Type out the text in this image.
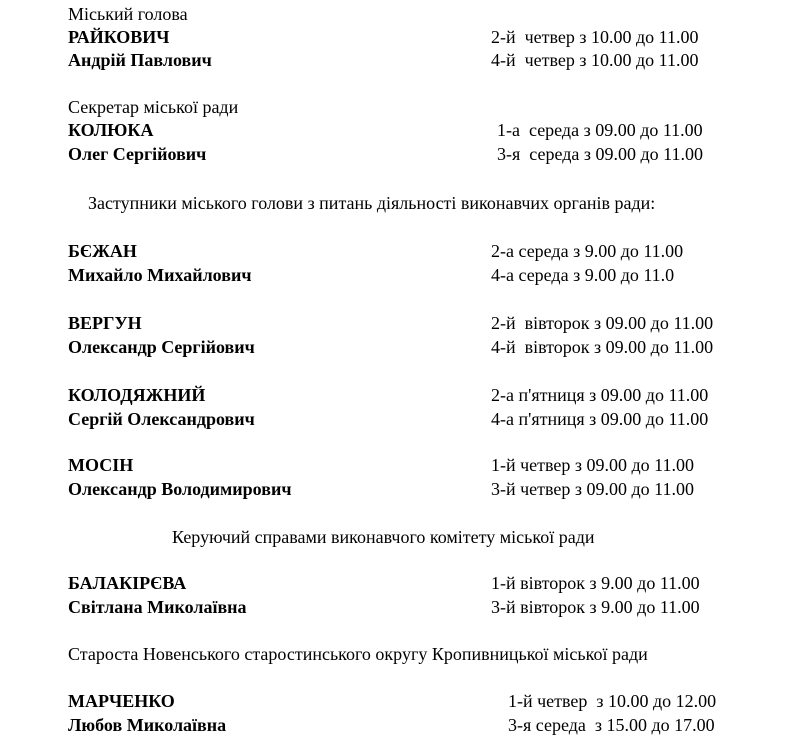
Міський голова
РАЙКОВИЧ	2-й  четвер з 10.00 до 11.00
Андрій Павлович	4-й  четвер з 10.00 до 11.00
Секретар міської ради
КОЛЮКА	1-а  середа з 09.00 до 11.00
Олег Сергійович	3-я  середа з 09.00 до 11.00
Заступники міського голови з питань діяльності виконавчих органів ради:
БЄЖАН	2-а середа з 9.00 до 11.00
Михайло Михайлович	4-а середа з 9.00 до 11.0
ВЕРГУН	2-й  вівторок з 09.00 до 11.00
Олександр Сергійович	4-й  вівторок з 09.00 до 11.00
КОЛОДЯЖНИЙ	2-а п'ятниця з 09.00 до 11.00
Сергій Олександрович	4-а п'ятниця з 09.00 до 11.00
МОСІН	1-й четвер з 09.00 до 11.00
Олександр Володимирович	3-й четвер з 09.00 до 11.00
Керуючий справами виконавчого комітету міської ради
БАЛАКІРЄВА	1-й вівторок з 9.00 до 11.00
Світлана Миколаївна	3-й вівторок з 9.00 до 11.00
Староста Новенського старостинського округу Кропивницької міської ради
МАРЧЕНКО	1-й четвер  з 10.00 до 12.00
Любов Миколаївна	3-я середа  з 15.00 до 17.00
